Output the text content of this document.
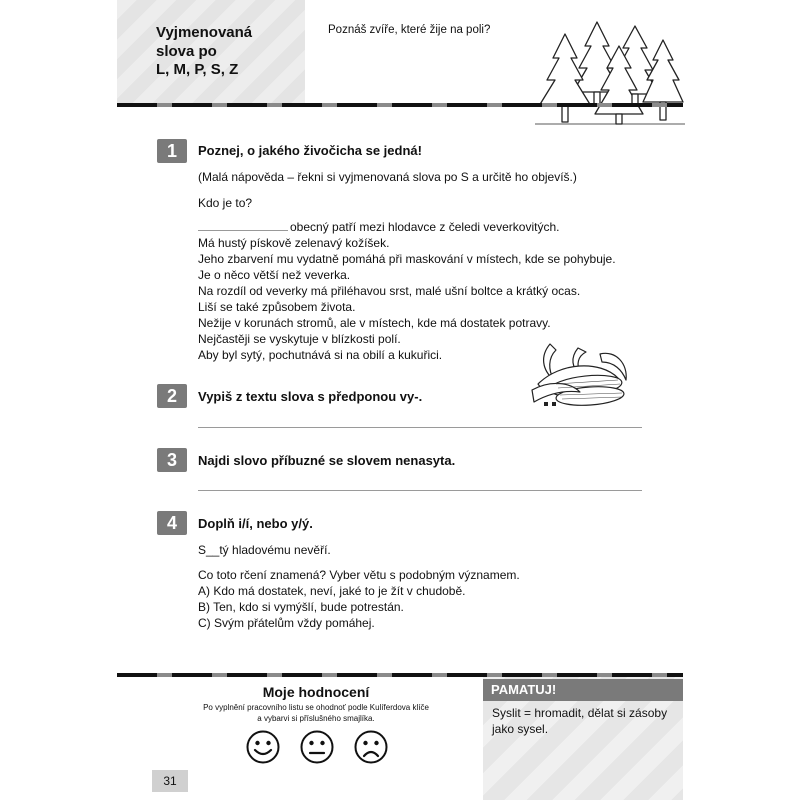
Vyjmenovaná
slova po
L, M, P, S, Z
Poznáš zvíře, které žije na poli?
1	Poznej, o jakého živočicha se jedná!
(Malá nápověda – řekni si vyjmenovaná slova po S a určitě ho objevíš.)
Kdo je to?
obecný patří mezi hlodavce z čeledi veverkovitých.
Má hustý pískově zelenavý kožíšek.
Jeho zbarvení mu vydatně pomáhá při maskování v místech, kde se pohybuje.
Je o něco větší než veverka.
Na rozdíl od veverky má přiléhavou srst, malé ušní boltce a krátký ocas.
Liší se také způsobem života.
Nežije v korunách stromů, ale v místech, kde má dostatek potravy.
Nejčastěji se vyskytuje v blízkosti polí.
Aby byl sytý, pochutnává si na obilí a kukuřici.
2	Vypiš z textu slova s předponou vy-.
3	Najdi slovo příbuzné se slovem nenasyta.
4	Doplň i/í, nebo y/ý.
S__tý hladovému nevěří.
Co toto rčení znamená? Vyber větu s podobným významem.
A) Kdo má dostatek, neví, jaké to je žít v chudobě.
B) Ten, kdo si vymýšlí, bude potrestán.
C) Svým přátelům vždy pomáhej.
Moje hodnocení
Po vyplnění pracovního listu se ohodnoť podle Kulíferdova klíče
a vybarvi si příslušného smajlíka.
PAMATUJ!
Syslit = hromadit, dělat si zásoby jako sysel.
31
